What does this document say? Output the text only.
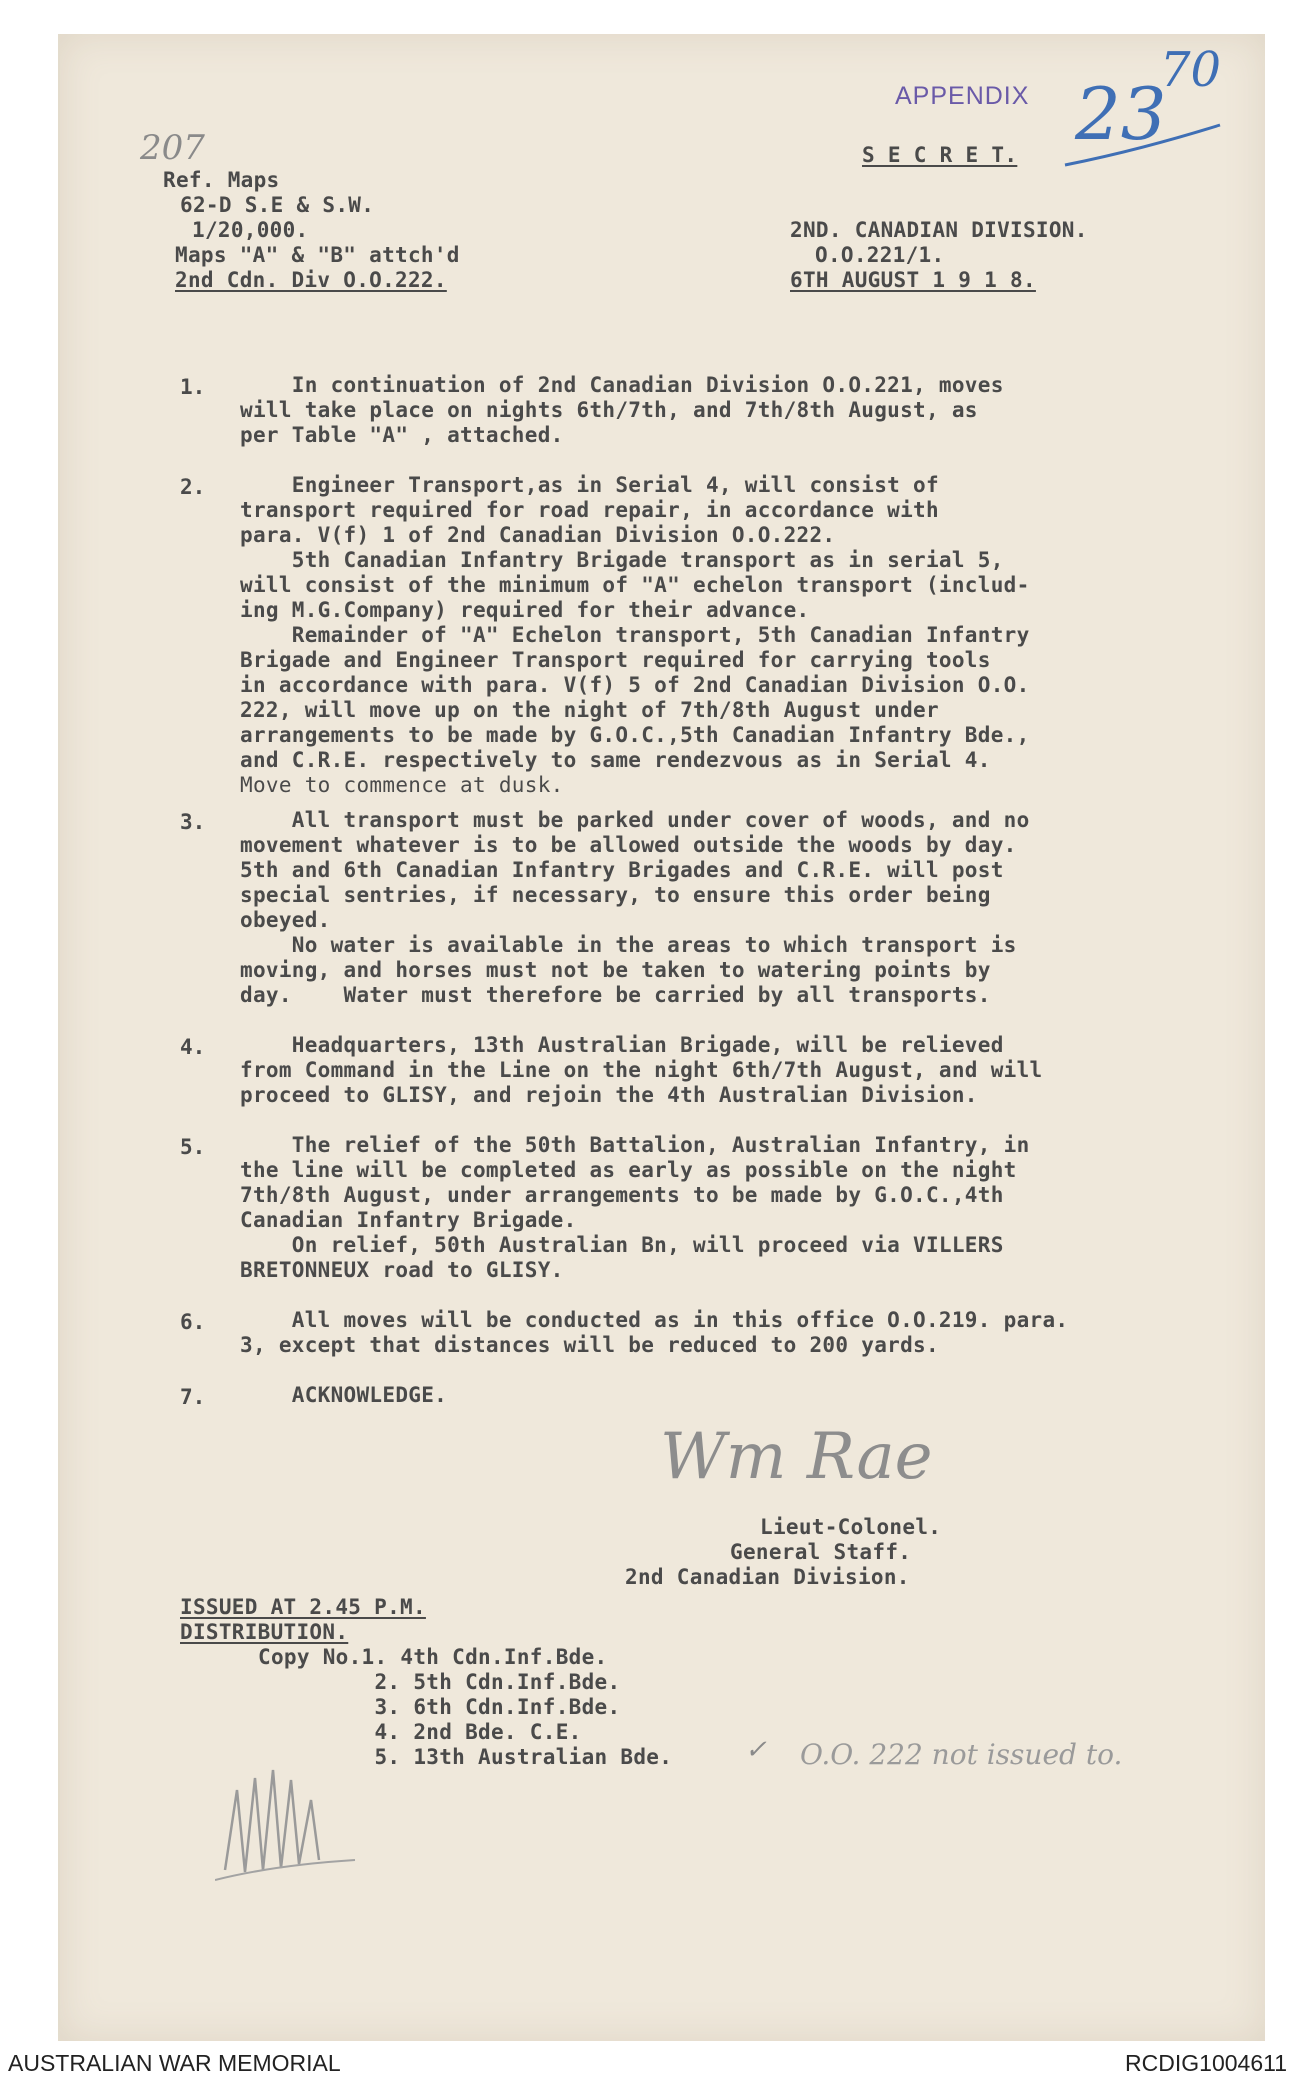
207
APPENDIX 23
70
Ref. Maps
62-D S.E & S.W.
1/20,000.
Maps "A" & "B" attch'd
2nd Cdn. Div O.O.222.
S E C R E T.
2ND. CANADIAN DIVISION.
O.O.221/1.
6TH AUGUST 1 9 1 8.
1. In continuation of 2nd Canadian Division O.O.221, moves
will take place on nights 6th/7th, and 7th/8th August, as
per Table "A" , attached.
2. Engineer Transport,as in Serial 4, will consist of
transport required for road repair, in accordance with
para. V(f) 1 of 2nd Canadian Division O.O.222.
5th Canadian Infantry Brigade transport as in serial 5,
will consist of the minimum of "A" echelon transport (includ-
ing M.G.Company) required for their advance.
Remainder of "A" Echelon transport, 5th Canadian Infantry
Brigade and Engineer Transport required for carrying tools
in accordance with para. V(f) 5 of 2nd Canadian Division O.O.
222, will move up on the night of 7th/8th August under
arrangements to be made by G.O.C.,5th Canadian Infantry Bde.,
and C.R.E. respectively to same rendezvous as in Serial 4.
Move to commence at dusk.
3. All transport must be parked under cover of woods, and no
movement whatever is to be allowed outside the woods by day.
5th and 6th Canadian Infantry Brigades and C.R.E. will post
special sentries, if necessary, to ensure this order being
obeyed.
No water is available in the areas to which transport is
moving, and horses must not be taken to watering points by
day.    Water must therefore be carried by all transports.
4. Headquarters, 13th Australian Brigade, will be relieved
from Command in the Line on the night 6th/7th August, and will
proceed to GLISY, and rejoin the 4th Australian Division.
5. The relief of the 50th Battalion, Australian Infantry, in
the line will be completed as early as possible on the night
7th/8th August, under arrangements to be made by G.O.C.,4th
Canadian Infantry Brigade.
On relief, 50th Australian Bn, will proceed via VILLERS
BRETONNEUX road to GLISY.
6. All moves will be conducted as in this office O.O.219. para.
3, except that distances will be reduced to 200 yards.
7. ACKNOWLEDGE.
Wm Rae
Lieut-Colonel.
General Staff.
2nd Canadian Division.
ISSUED AT 2.45 P.M.
DISTRIBUTION.
Copy No.1. 4th Cdn.Inf.Bde.
2. 5th Cdn.Inf.Bde.
3. 6th Cdn.Inf.Bde.
4. 2nd Bde. C.E.
5. 13th Australian Bde.	✓ O.O. 222 not issued to.
AUSTRALIAN WAR MEMORIAL	RCDIG1004611
